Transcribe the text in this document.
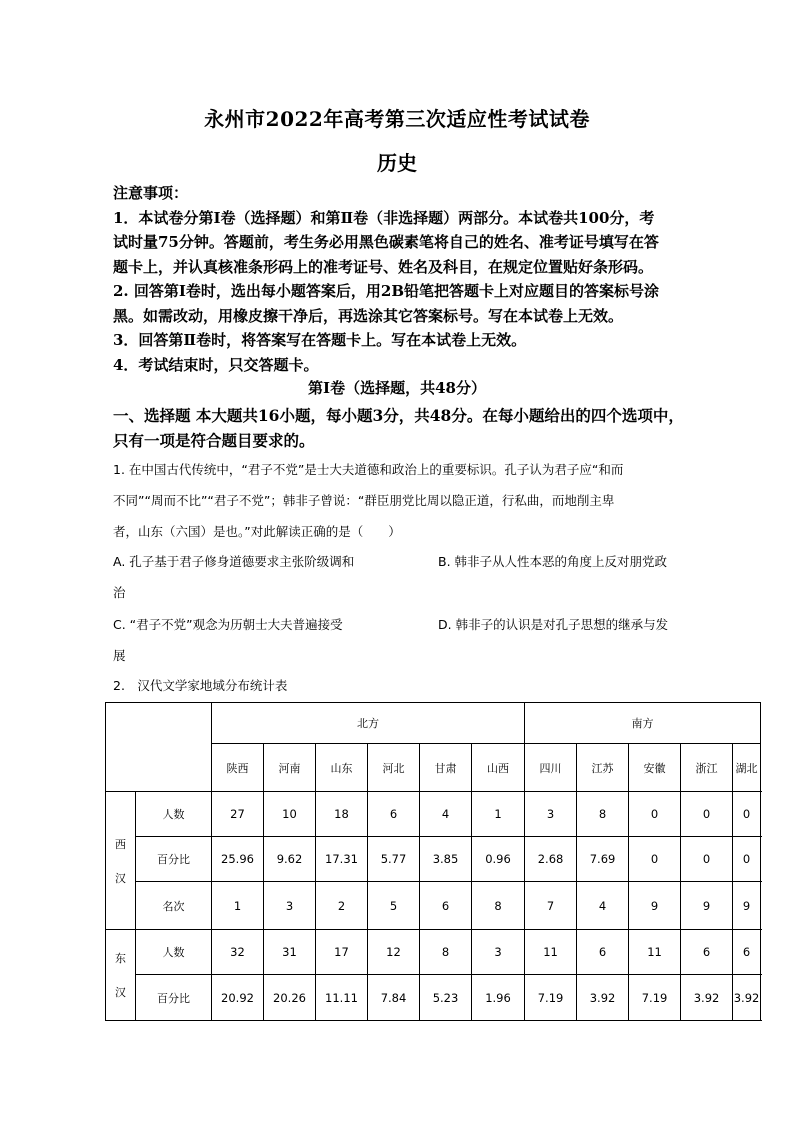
永州市2022年高考第三次适应性考试试卷
历史

注意事项：

1．本试卷分第Ⅰ卷（选择题）和第Ⅱ卷（非选择题）两部分。本试卷共100分，考

试时量75分钟。答题前，考生务必用黑色碳素笔将自己的姓名、准考证号填写在答

题卡上，并认真核准条形码上的准考证号、姓名及科目，在规定位置贴好条形码。

2. 回答第Ⅰ卷时，选出每小题答案后，用2B铅笔把答题卡上对应题目的答案标号涂

黑。如需改动，用橡皮擦干净后，再选涂其它答案标号。写在本试卷上无效。

3．回答第Ⅱ卷时，将答案写在答题卡上。写在本试卷上无效。

4．考试结束时，只交答题卡。

第Ⅰ卷（选择题，共48分）

一、选择题 本大题共16小题，每小题3分，共48分。在每小题给出的四个选项中，

只有一项是符合题目要求的。

1. 在中国古代传统中，“君子不党”是士大夫道德和政治上的重要标识。孔子认为君子应“和而

不同”“周而不比”“君子不党”；韩非子曾说：“群臣朋党比周以隐正道，行私曲，而地削主卑

者，山东（六国）是也。”对此解读正确的是（　　）

A. 孔子基于君子修身道德要求主张阶级调和	B. 韩非子从人性本恶的角度上反对朋党政
治
C. “君子不党”观念为历朝士大夫普遍接受	D. 韩非子的认识是对孔子思想的继承与发
展
2.　汉代文学家地域分布统计表
		北方						南方				
		陕西	河南	山东	河北	甘肃	山西	四川	江苏	安徽	浙江	湖北

西
汉	人数	27	10	18	6	4	1	3	8	0	0	0
	百分比	25.96	9.62	17.31	5.77	3.85	0.96	2.68	7.69	0	0	0
	名次	1	3	2	5	6	8	7	4	9	9	9

东
汉	人数	32	31	17	12	8	3	11	6	11	6	6
	百分比	20.92	20.26	11.11	7.84	5.23	1.96	7.19	3.92	7.19	3.92	3.92
